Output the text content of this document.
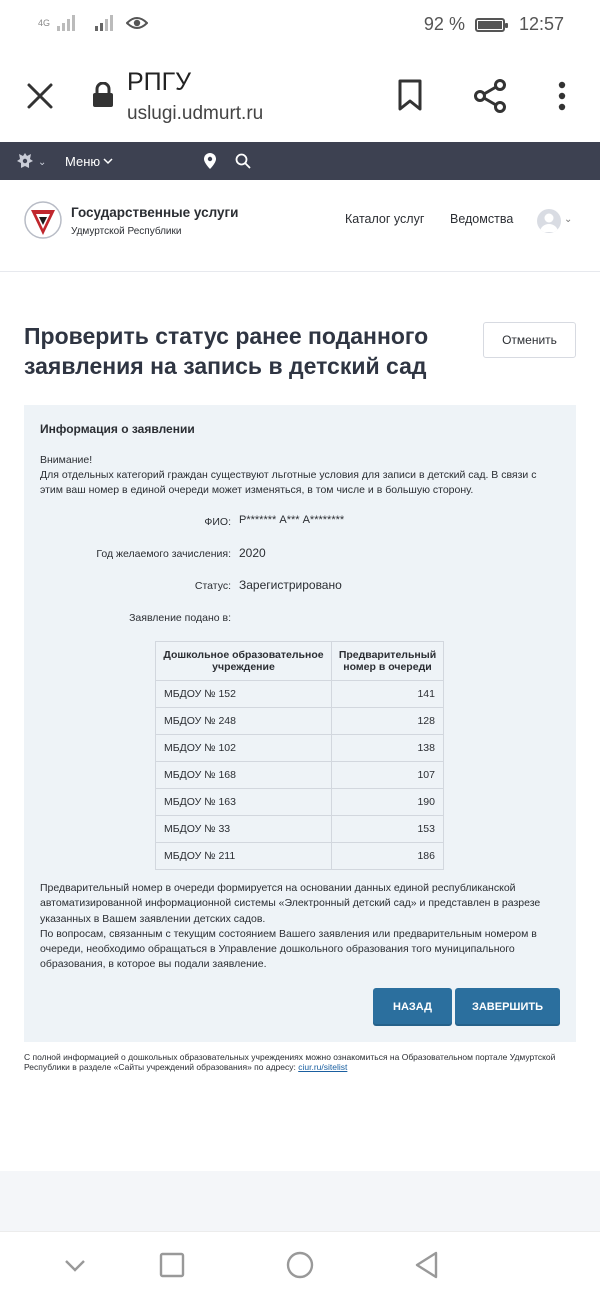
4G	92 %	12:57
РПГУ
uslugi.udmurt.ru
⌄ Меню
Государственные услуги
Удмуртской Республики
Каталог услуг Ведомства	⌄
Проверить статус ранее поданного заявления на запись в детский сад
Отменить
Информация о заявлении
Внимание!
Для отдельных категорий граждан существуют льготные условия для записи в детский сад. В связи с этим ваш номер в единой очереди может изменяться, в том числе и в большую сторону.
ФИО: Р******* А*** А********
Год желаемого зачисления: 2020
Статус: Зарегистрировано
Заявление подано в:
Дошкольное образовательное учреждение	Предварительный номер в очереди
МБДОУ № 152	141
МБДОУ № 248	128
МБДОУ № 102	138
МБДОУ № 168	107
МБДОУ № 163	190
МБДОУ № 33	153
МБДОУ № 211	186
Предварительный номер в очереди формируется на основании данных единой республиканской автоматизированной информационной системы «Электронный детский сад» и представлен в разрезе указанных в Вашем заявлении детских садов.
По вопросам, связанным с текущим состоянием Вашего заявления или предварительным номером в очереди, необходимо обращаться в Управление дошкольного образования того муниципального образования, в которое вы подали заявление.
НАЗАД	ЗАВЕРШИТЬ
С полной информацией о дошкольных образовательных учреждениях можно ознакомиться на Образовательном портале Удмуртской Республики в разделе «Сайты учреждений образования» по адресу: ciur.ru/sitelist
